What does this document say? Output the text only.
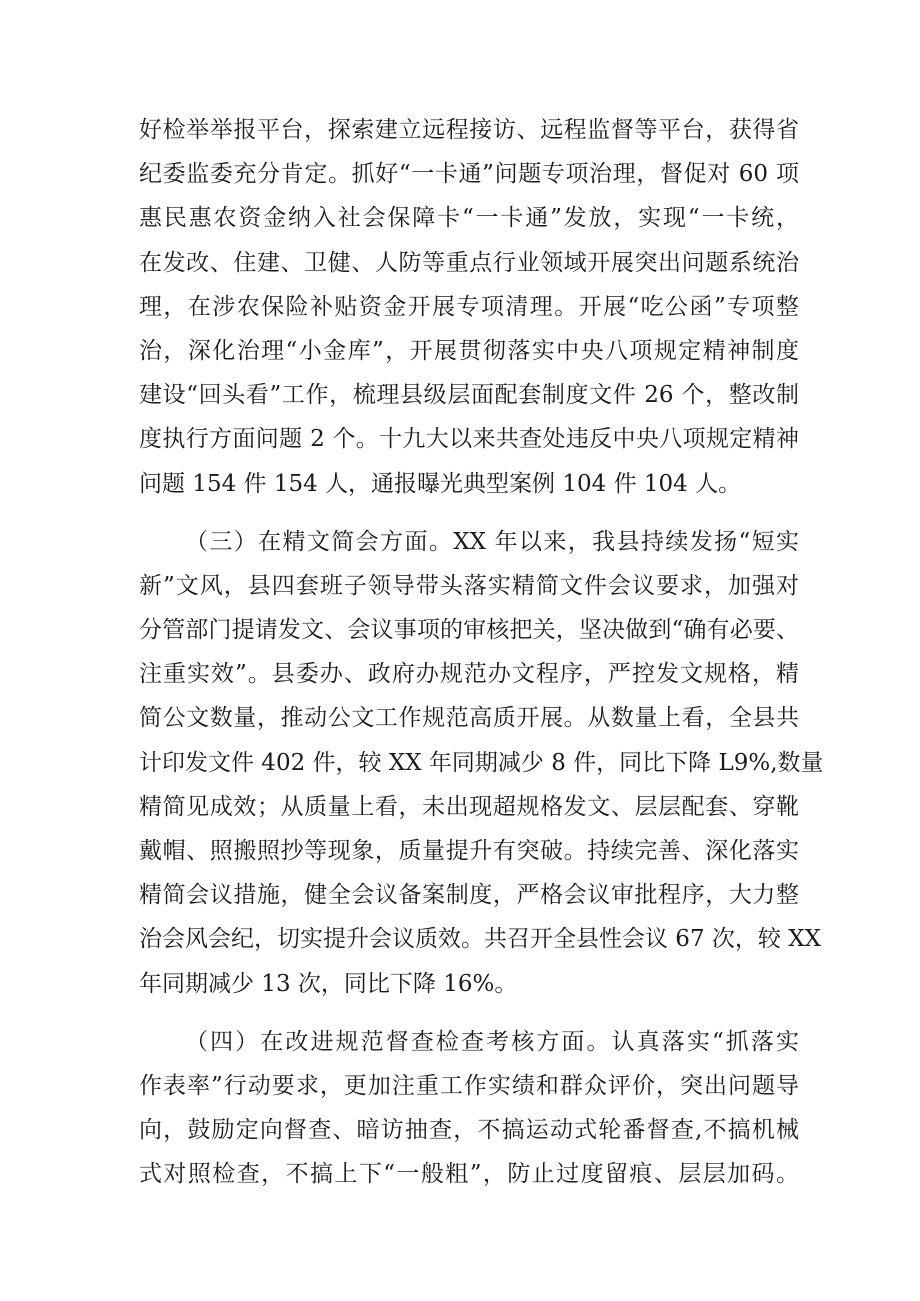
好检举举报平台，探索建立远程接访、远程监督等平台，获得省
纪委监委充分肯定。抓好“一卡通”问题专项治理，督促对 60 项
惠民惠农资金纳入社会保障卡“一卡通”发放，实现“一卡统，
在发改、住建、卫健、人防等重点行业领域开展突出问题系统治
理，在涉农保险补贴资金开展专项清理。开展“吃公函”专项整
治，深化治理“小金库”，开展贯彻落实中央八项规定精神制度
建设“回头看”工作，梳理县级层面配套制度文件 26 个，整改制
度执行方面问题 2 个。十九大以来共查处违反中央八项规定精神
问题 154 件 154 人，通报曝光典型案例 104 件 104 人。
（三）在精文简会方面。XX 年以来，我县持续发扬“短实
新”文风，县四套班子领导带头落实精简文件会议要求，加强对
分管部门提请发文、会议事项的审核把关，坚决做到“确有必要、
注重实效”。县委办、政府办规范办文程序，严控发文规格，精
简公文数量，推动公文工作规范高质开展。从数量上看，全县共
计印发文件 402 件，较 XX 年同期减少 8 件，同比下降 L9%,数量
精简见成效；从质量上看，未出现超规格发文、层层配套、穿靴
戴帽、照搬照抄等现象，质量提升有突破。持续完善、深化落实
精简会议措施，健全会议备案制度，严格会议审批程序，大力整
治会风会纪，切实提升会议质效。共召开全县性会议 67 次，较 XX
年同期减少 13 次，同比下降 16%。
（四）在改进规范督查检查考核方面。认真落实“抓落实
作表率”行动要求，更加注重工作实绩和群众评价，突出问题导
向，鼓励定向督查、暗访抽查，不搞运动式轮番督查,不搞机械
式对照检查，不搞上下“一般粗”，防止过度留痕、层层加码。
